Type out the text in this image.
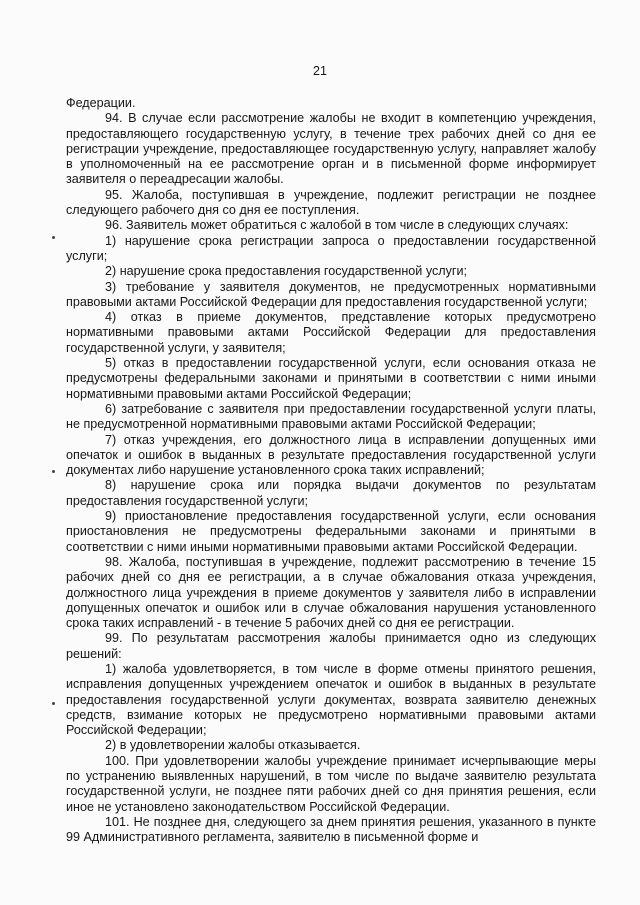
21

Федерации.

94. В случае если рассмотрение жалобы не входит в компетенцию учреждения, предоставляющего государственную услугу, в течение трех рабочих дней со дня ее регистрации учреждение, предоставляющее государственную услугу, направляет жалобу в уполномоченный на ее рассмотрение орган и в письменной форме информирует заявителя о переадресации жалобы.

95. Жалоба, поступившая в учреждение, подлежит регистрации не позднее следующего рабочего дня со дня ее поступления.

96. Заявитель может обратиться с жалобой в том числе в следующих случаях:

1) нарушение срока регистрации запроса о предоставлении государственной услуги;

2) нарушение срока предоставления государственной услуги;

3) требование у заявителя документов, не предусмотренных нормативными правовыми актами Российской Федерации для предоставления государственной услуги;

4) отказ в приеме документов, представление которых предусмотрено нормативными правовыми актами Российской Федерации для предоставления государственной услуги, у заявителя;

5) отказ в предоставлении государственной услуги, если основания отказа не предусмотрены федеральными законами и принятыми в соответствии с ними иными нормативными правовыми актами Российской Федерации;

6) затребование с заявителя при предоставлении государственной услуги платы, не предусмотренной нормативными правовыми актами Российской Федерации;

7) отказ учреждения, его должностного лица в исправлении допущенных ими опечаток и ошибок в выданных в результате предоставления государственной услуги документах либо нарушение установленного срока таких исправлений;

8) нарушение срока или порядка выдачи документов по результатам предоставления государственной услуги;

9) приостановление предоставления государственной услуги, если основания приостановления не предусмотрены федеральными законами и принятыми в соответствии с ними иными нормативными правовыми актами Российской Федерации.

98. Жалоба, поступившая в учреждение, подлежит рассмотрению в течение 15 рабочих дней со дня ее регистрации, а в случае обжалования отказа учреждения, должностного лица учреждения в приеме документов у заявителя либо в исправлении допущенных опечаток и ошибок или в случае обжалования нарушения установленного срока таких исправлений - в течение 5 рабочих дней со дня ее регистрации.

99. По результатам рассмотрения жалобы принимается одно из следующих решений:

1) жалоба удовлетворяется, в том числе в форме отмены принятого решения, исправления допущенных учреждением опечаток и ошибок в выданных в результате предоставления государственной услуги документах, возврата заявителю денежных средств, взимание которых не предусмотрено нормативными правовыми актами Российской Федерации;

2) в удовлетворении жалобы отказывается.

100. При удовлетворении жалобы учреждение принимает исчерпывающие меры по устранению выявленных нарушений, в том числе по выдаче заявителю результата государственной услуги, не позднее пяти рабочих дней со дня принятия решения, если иное не установлено законодательством Российской Федерации.

101. Не позднее дня, следующего за днем принятия решения, указанного в пункте 99 Административного регламента, заявителю в письменной форме и
